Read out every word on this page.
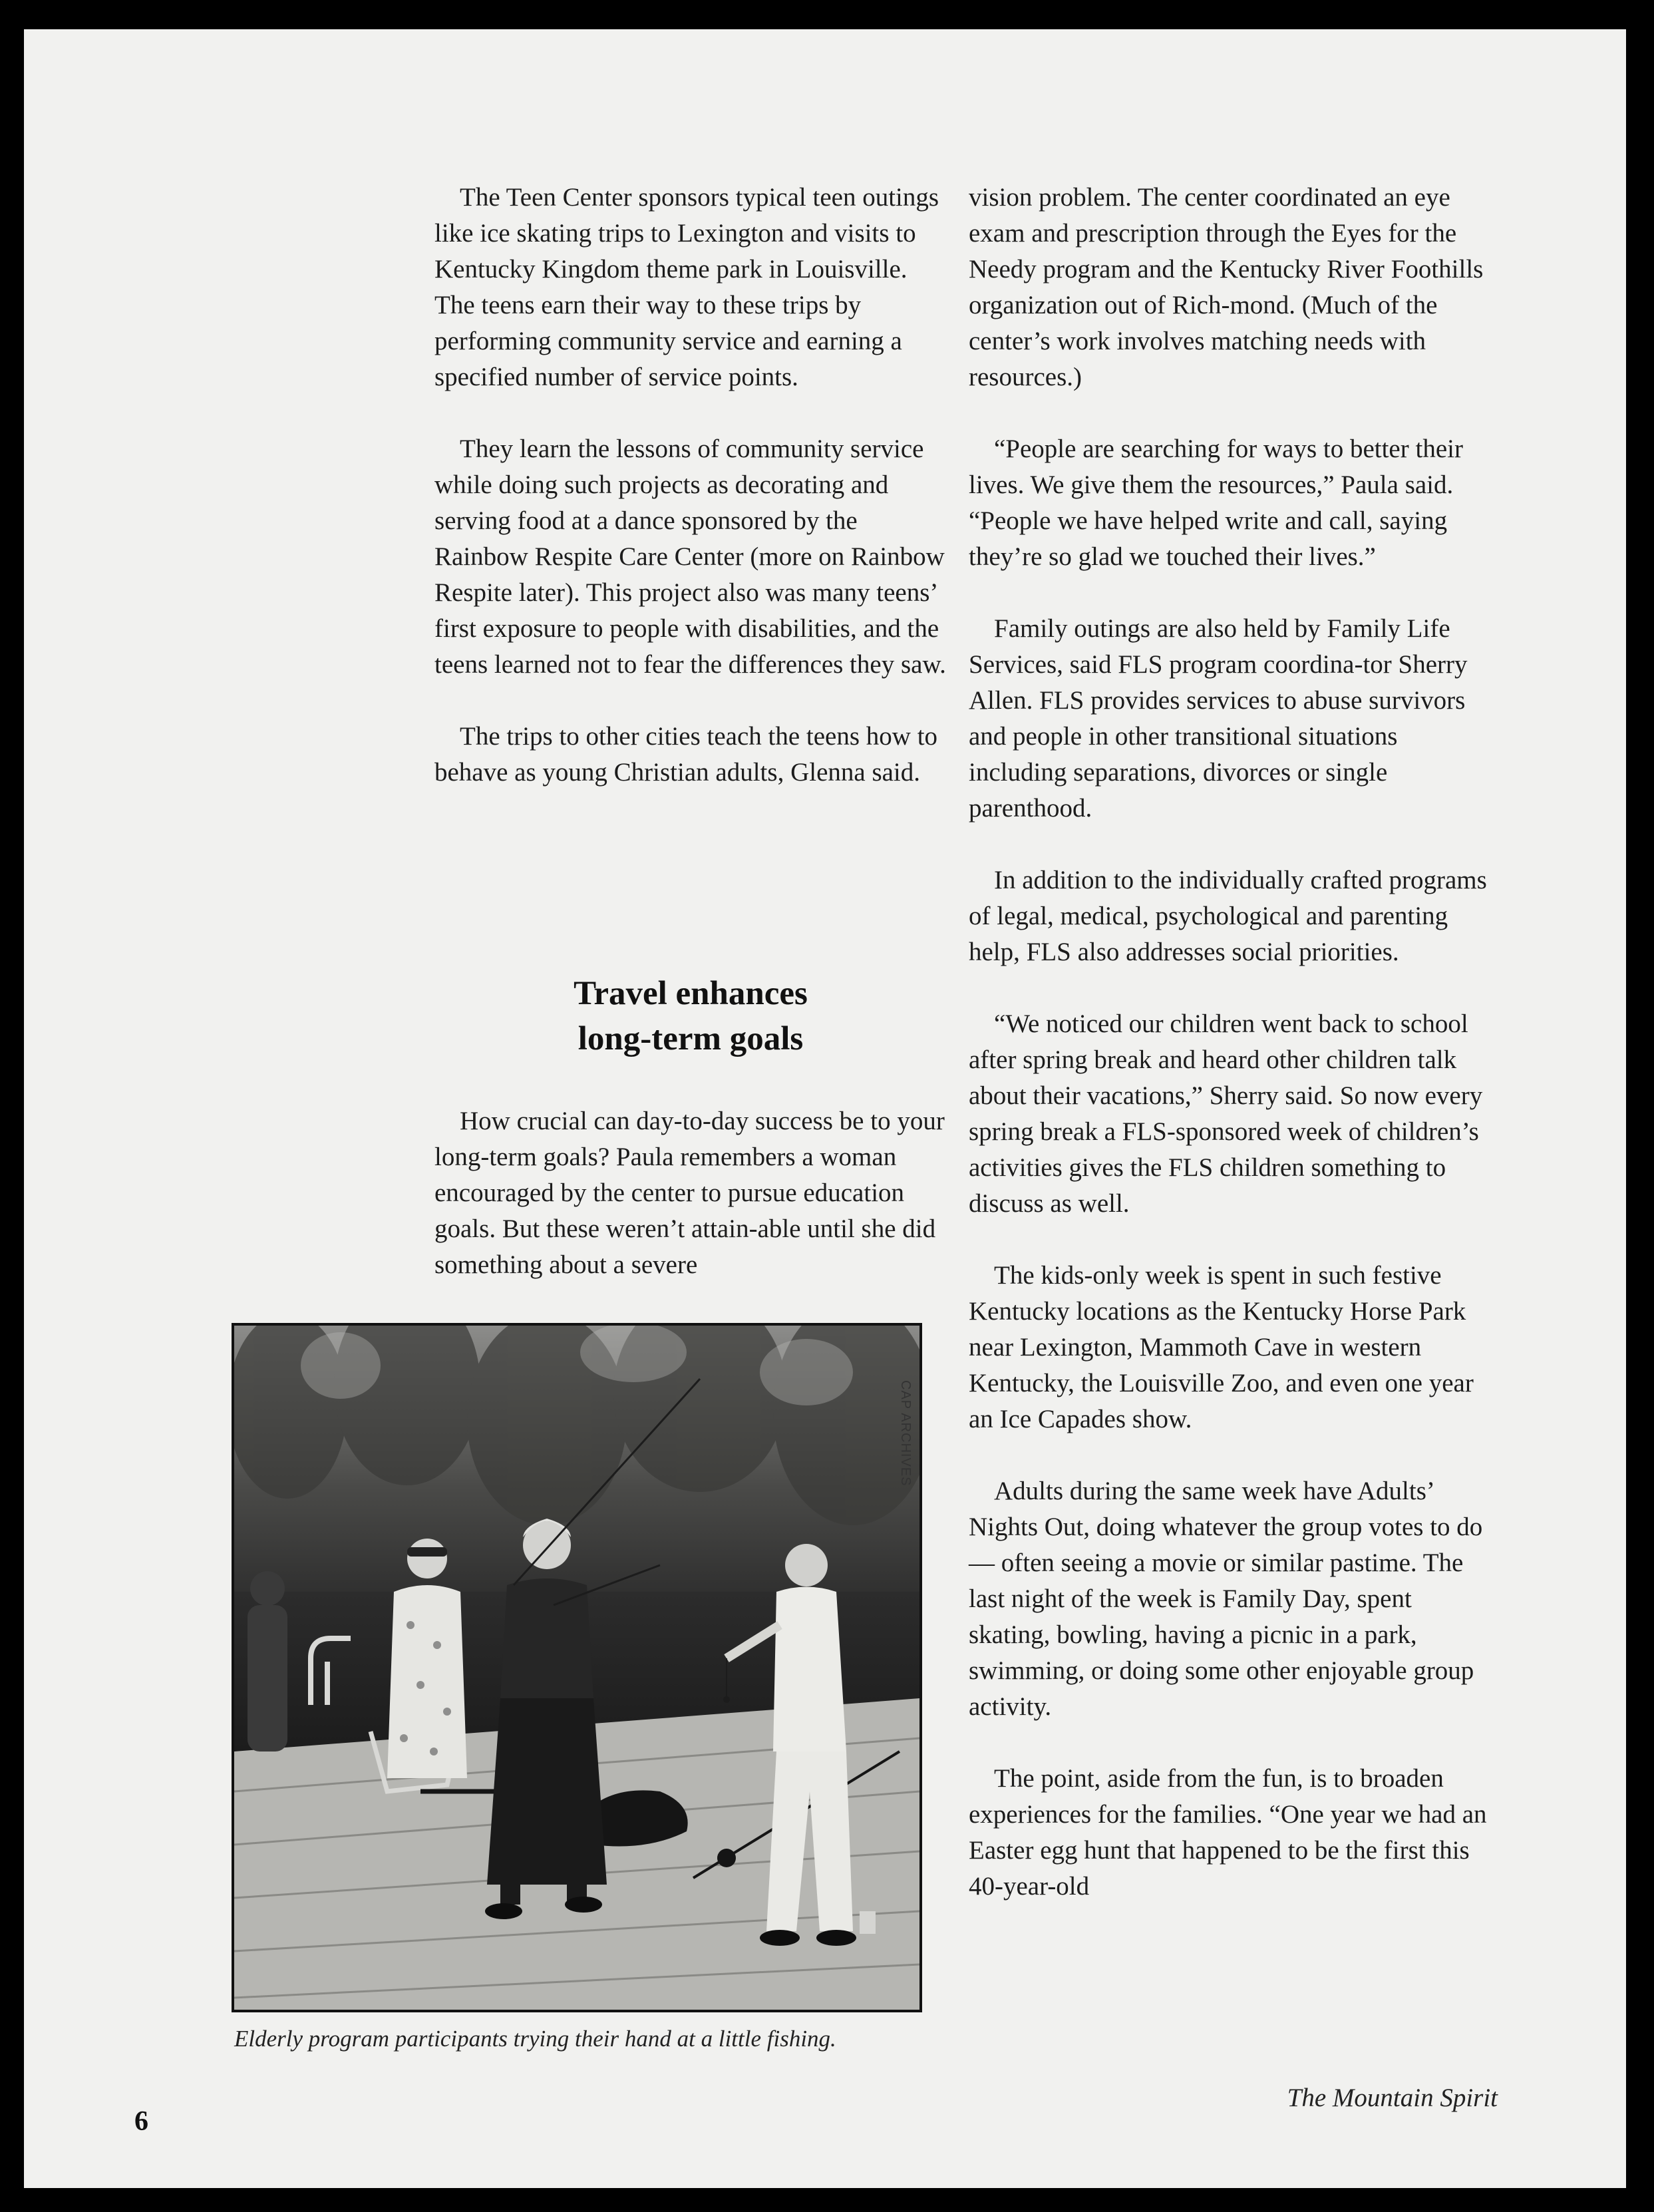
The Teen Center sponsors typical teen outings like ice skating trips to Lexington and visits to Kentucky Kingdom theme park in Louisville. The teens earn their way to these trips by performing community service and earning a specified number of service points.

They learn the lessons of community service while doing such projects as decorating and serving food at a dance sponsored by the Rainbow Respite Care Center (more on Rainbow Respite later). This project also was many teens’ first exposure to people with disabilities, and the teens learned not to fear the differences they saw.

The trips to other cities teach the teens how to behave as young Christian adults, Glenna said.

Travel enhances
long-term goals

How crucial can day-to-day success be to your long-term goals? Paula remembers a woman encouraged by the center to pursue education goals. But these weren’t attain-able until she did something about a severe

CAP ARCHIVES
Elderly program participants trying their hand at a little fishing.

vision problem. The center coordinated an eye exam and prescription through the Eyes for the Needy program and the Kentucky River Foothills organization out of Rich-mond. (Much of the center’s work involves matching needs with resources.)

“People are searching for ways to better their lives. We give them the resources,” Paula said. “People we have helped write and call, saying they’re so glad we touched their lives.”

Family outings are also held by Family Life Services, said FLS program coordina-tor Sherry Allen. FLS provides services to abuse survivors and people in other transitional situations including separations, divorces or single parenthood.

In addition to the individually crafted programs of legal, medical, psychological and parenting help, FLS also addresses social priorities.

“We noticed our children went back to school after spring break and heard other children talk about their vacations,” Sherry said. So now every spring break a FLS-sponsored week of children’s activities gives the FLS children something to discuss as well.

The kids-only week is spent in such festive Kentucky locations as the Kentucky Horse Park near Lexington, Mammoth Cave in western Kentucky, the Louisville Zoo, and even one year an Ice Capades show.

Adults during the same week have Adults’ Nights Out, doing whatever the group votes to do — often seeing a movie or similar pastime. The last night of the week is Family Day, spent skating, bowling, having a picnic in a park, swimming, or doing some other enjoyable group activity.

The point, aside from the fun, is to broaden experiences for the families. “One year we had an Easter egg hunt that happened to be the first this 40-year-old

6
The Mountain Spirit
